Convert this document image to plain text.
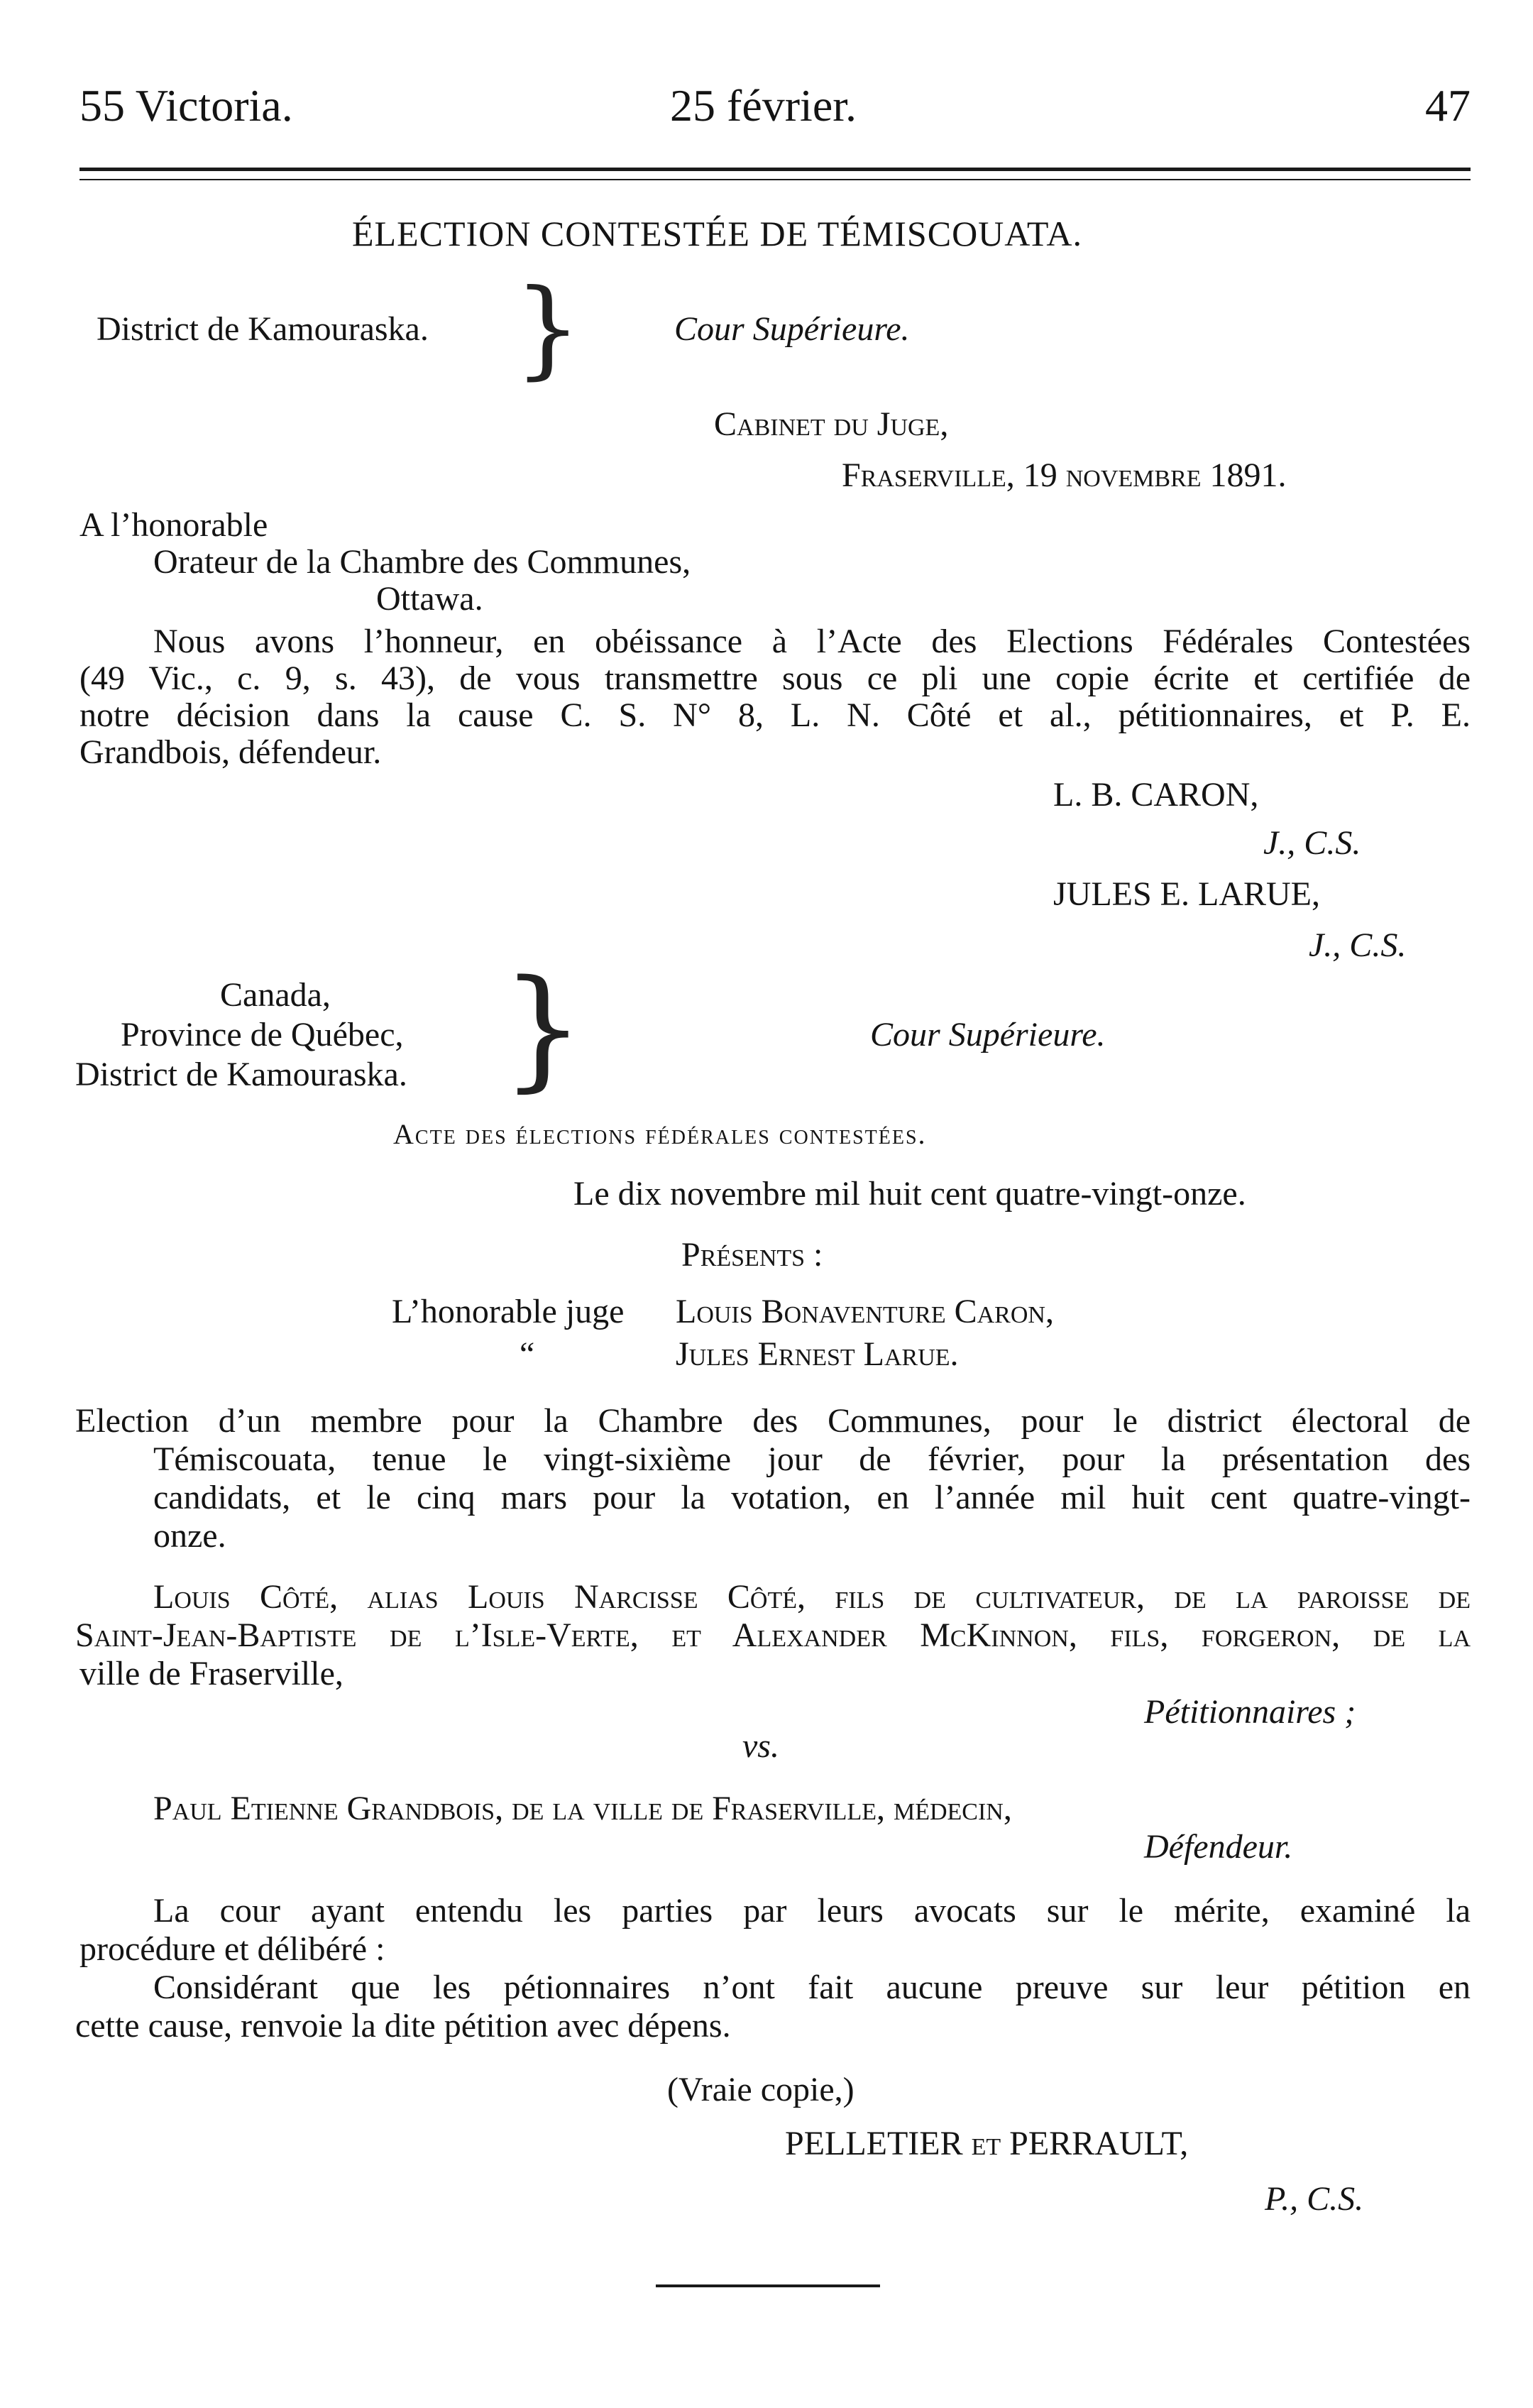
55 Victoria.	25 février.	47
ÉLECTION CONTESTÉE DE TÉMISCOUATA.
District de Kamouraska. }	Cour Supérieure.
Cabinet du Juge,
Fraserville, 19 novembre 1891.
A l’honorable
Orateur de la Chambre des Communes,
Ottawa.
Nous avons l’honneur, en obéissance à l’Acte des Elections Fédérales Contestées
(49 Vic., c. 9, s. 43), de vous transmettre sous ce pli une copie écrite et certifiée de
notre décision dans la cause C. S. N° 8, L. N. Côté et al., pétitionnaires, et P. E.
Grandbois, défendeur.
L. B. CARON,
J., C.S.
JULES E. LARUE,
J., C.S.
Canada,
Province de Québec,
District de Kamouraska. }	Cour Supérieure.
Acte des élections fédérales contestées.
Le dix novembre mil huit cent quatre-vingt-onze.
Présents :
L’honorable juge Louis Bonaventure Caron,
“	Jules Ernest Larue.
Election d’un membre pour la Chambre des Communes, pour le district électoral de
Témiscouata, tenue le vingt-sixième jour de février, pour la présentation des
candidats, et le cinq mars pour la votation, en l’année mil huit cent quatre-vingt-
onze.
Louis Côté, alias Louis Narcisse Côté, fils de cultivateur, de la paroisse de
Saint-Jean-Baptiste de l’Isle-Verte, et Alexander McKinnon, fils, forgeron, de la
ville de Fraserville,
Pétitionnaires ;
vs.
Paul Etienne Grandbois, de la ville de Fraserville, médecin,
Défendeur.
La cour ayant entendu les parties par leurs avocats sur le mérite, examiné la
procédure et délibéré :
Considérant que les pétionnaires n’ont fait aucune preuve sur leur pétition en
cette cause, renvoie la dite pétition avec dépens.
(Vraie copie,)
PELLETIER et PERRAULT,
P., C.S.
